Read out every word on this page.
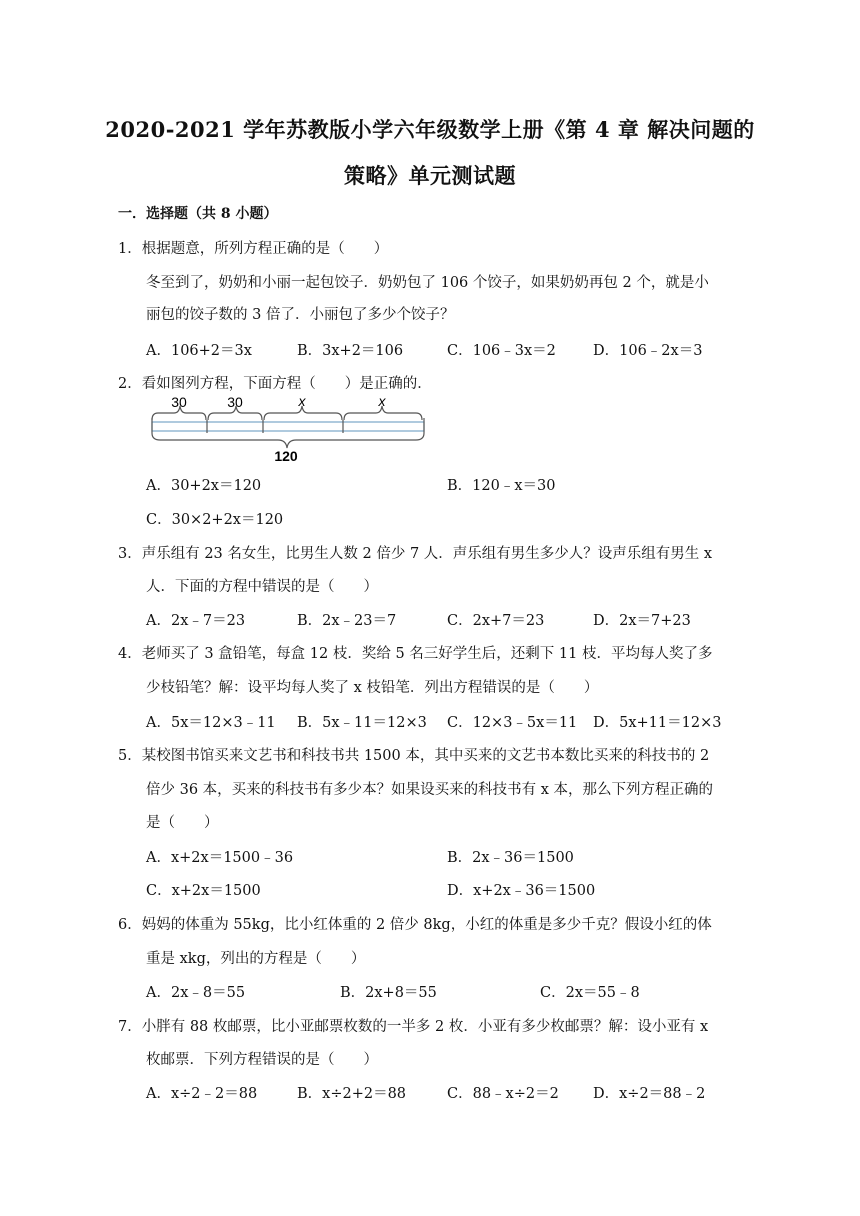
2020-2021 学年苏教版小学六年级数学上册《第 4 章 解决问题的
策略》单元测试题
一．选择题（共 8 小题）
1．根据题意，所列方程正确的是（　　）
冬至到了，奶奶和小丽一起包饺子．奶奶包了 106 个饺子，如果奶奶再包 2 个，就是小
丽包的饺子数的 3 倍了．小丽包了多少个饺子？
A．106+2＝3x	B．3x+2＝106	C．106﹣3x＝2	D．106﹣2x＝3
2．看如图列方程，下面方程（　　）是正确的．
30	30	x	x
120
A．30+2x＝120	B．120﹣x＝30
C．30×2+2x＝120
3．声乐组有 23 名女生，比男生人数 2 倍少 7 人．声乐组有男生多少人？设声乐组有男生 x
人．下面的方程中错误的是（　　）
A．2x﹣7＝23	B．2x﹣23＝7	C．2x+7＝23	D．2x＝7+23
4．老师买了 3 盒铅笔，每盒 12 枝．奖给 5 名三好学生后，还剩下 11 枝．平均每人奖了多
少枝铅笔？解：设平均每人奖了 x 枝铅笔．列出方程错误的是（　　）
A．5x＝12×3﹣11 B．5x﹣11＝12×3 C．12×3﹣5x＝11 D．5x+11＝12×3
5．某校图书馆买来文艺书和科技书共 1500 本，其中买来的文艺书本数比买来的科技书的 2
倍少 36 本，买来的科技书有多少本？如果设买来的科技书有 x 本，那么下列方程正确的
是（　　）
A．x+2x＝1500﹣36	B．2x﹣36＝1500
C．x+2x＝1500	D．x+2x﹣36＝1500
6．妈妈的体重为 55kg，比小红体重的 2 倍少 8kg，小红的体重是多少千克？假设小红的体
重是 xkg，列出的方程是（　　）
A．2x﹣8＝55	B．2x+8＝55	C．2x＝55﹣8
7．小胖有 88 枚邮票，比小亚邮票枚数的一半多 2 枚．小亚有多少枚邮票？解：设小亚有 x
枚邮票．下列方程错误的是（　　）
A．x÷2﹣2＝88	B．x÷2+2＝88	C．88﹣x÷2＝2 D．x÷2＝88﹣2
